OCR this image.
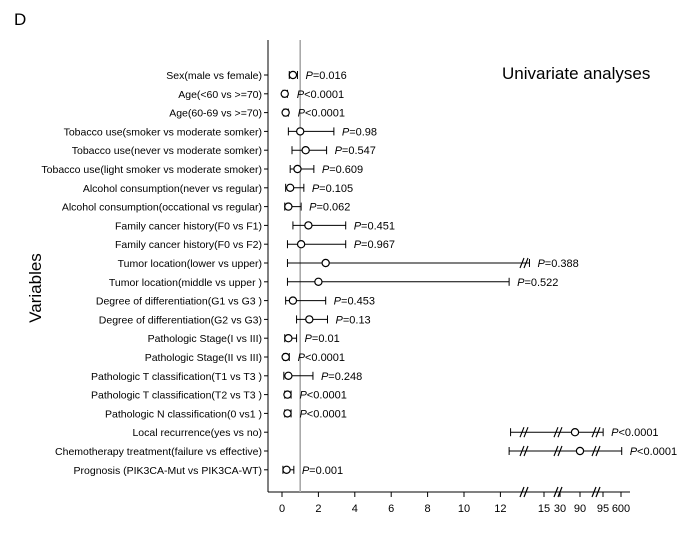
D
Univariate analyses
Variables
0	2	4	6	8 10 12	15 30 90 95 600
Sex(male vs female)	P=0.016
Age(<60 vs >=70)	P<0.0001
Age(60-69 vs >=70)	P<0.0001
Tobacco use(smoker vs moderate somker)	P=0.98
Tobacco use(never vs moderate somker)	P=0.547
Tobacco use(light smoker vs moderate smoker)	P=0.609
Alcohol consumption(never vs regular)	P=0.105
Alcohol consumption(occational vs regular)	P=0.062
Family cancer history(F0 vs F1)	P=0.451
Family cancer history(F0 vs F2)	P=0.967
Tumor location(lower vs upper)	P=0.388
Tumor location(middle vs upper )	P=0.522
Degree of differentiation(G1 vs G3 )	P=0.453
Degree of differentiation(G2 vs G3)	P=0.13
Pathologic Stage(I vs III)	P=0.01
Pathologic Stage(II vs III)	P<0.0001
Pathologic T classification(T1 vs T3 )	P=0.248
Pathologic T classification(T2 vs T3 )	P<0.0001
Pathologic N classification(0 vs1 )	P<0.0001
Local recurrence(yes vs no)	P<0.0001
Chemotherapy treatment(failure vs effective)	P<0.0001
Prognosis (PIK3CA-Mut vs PIK3CA-WT)	P=0.001
